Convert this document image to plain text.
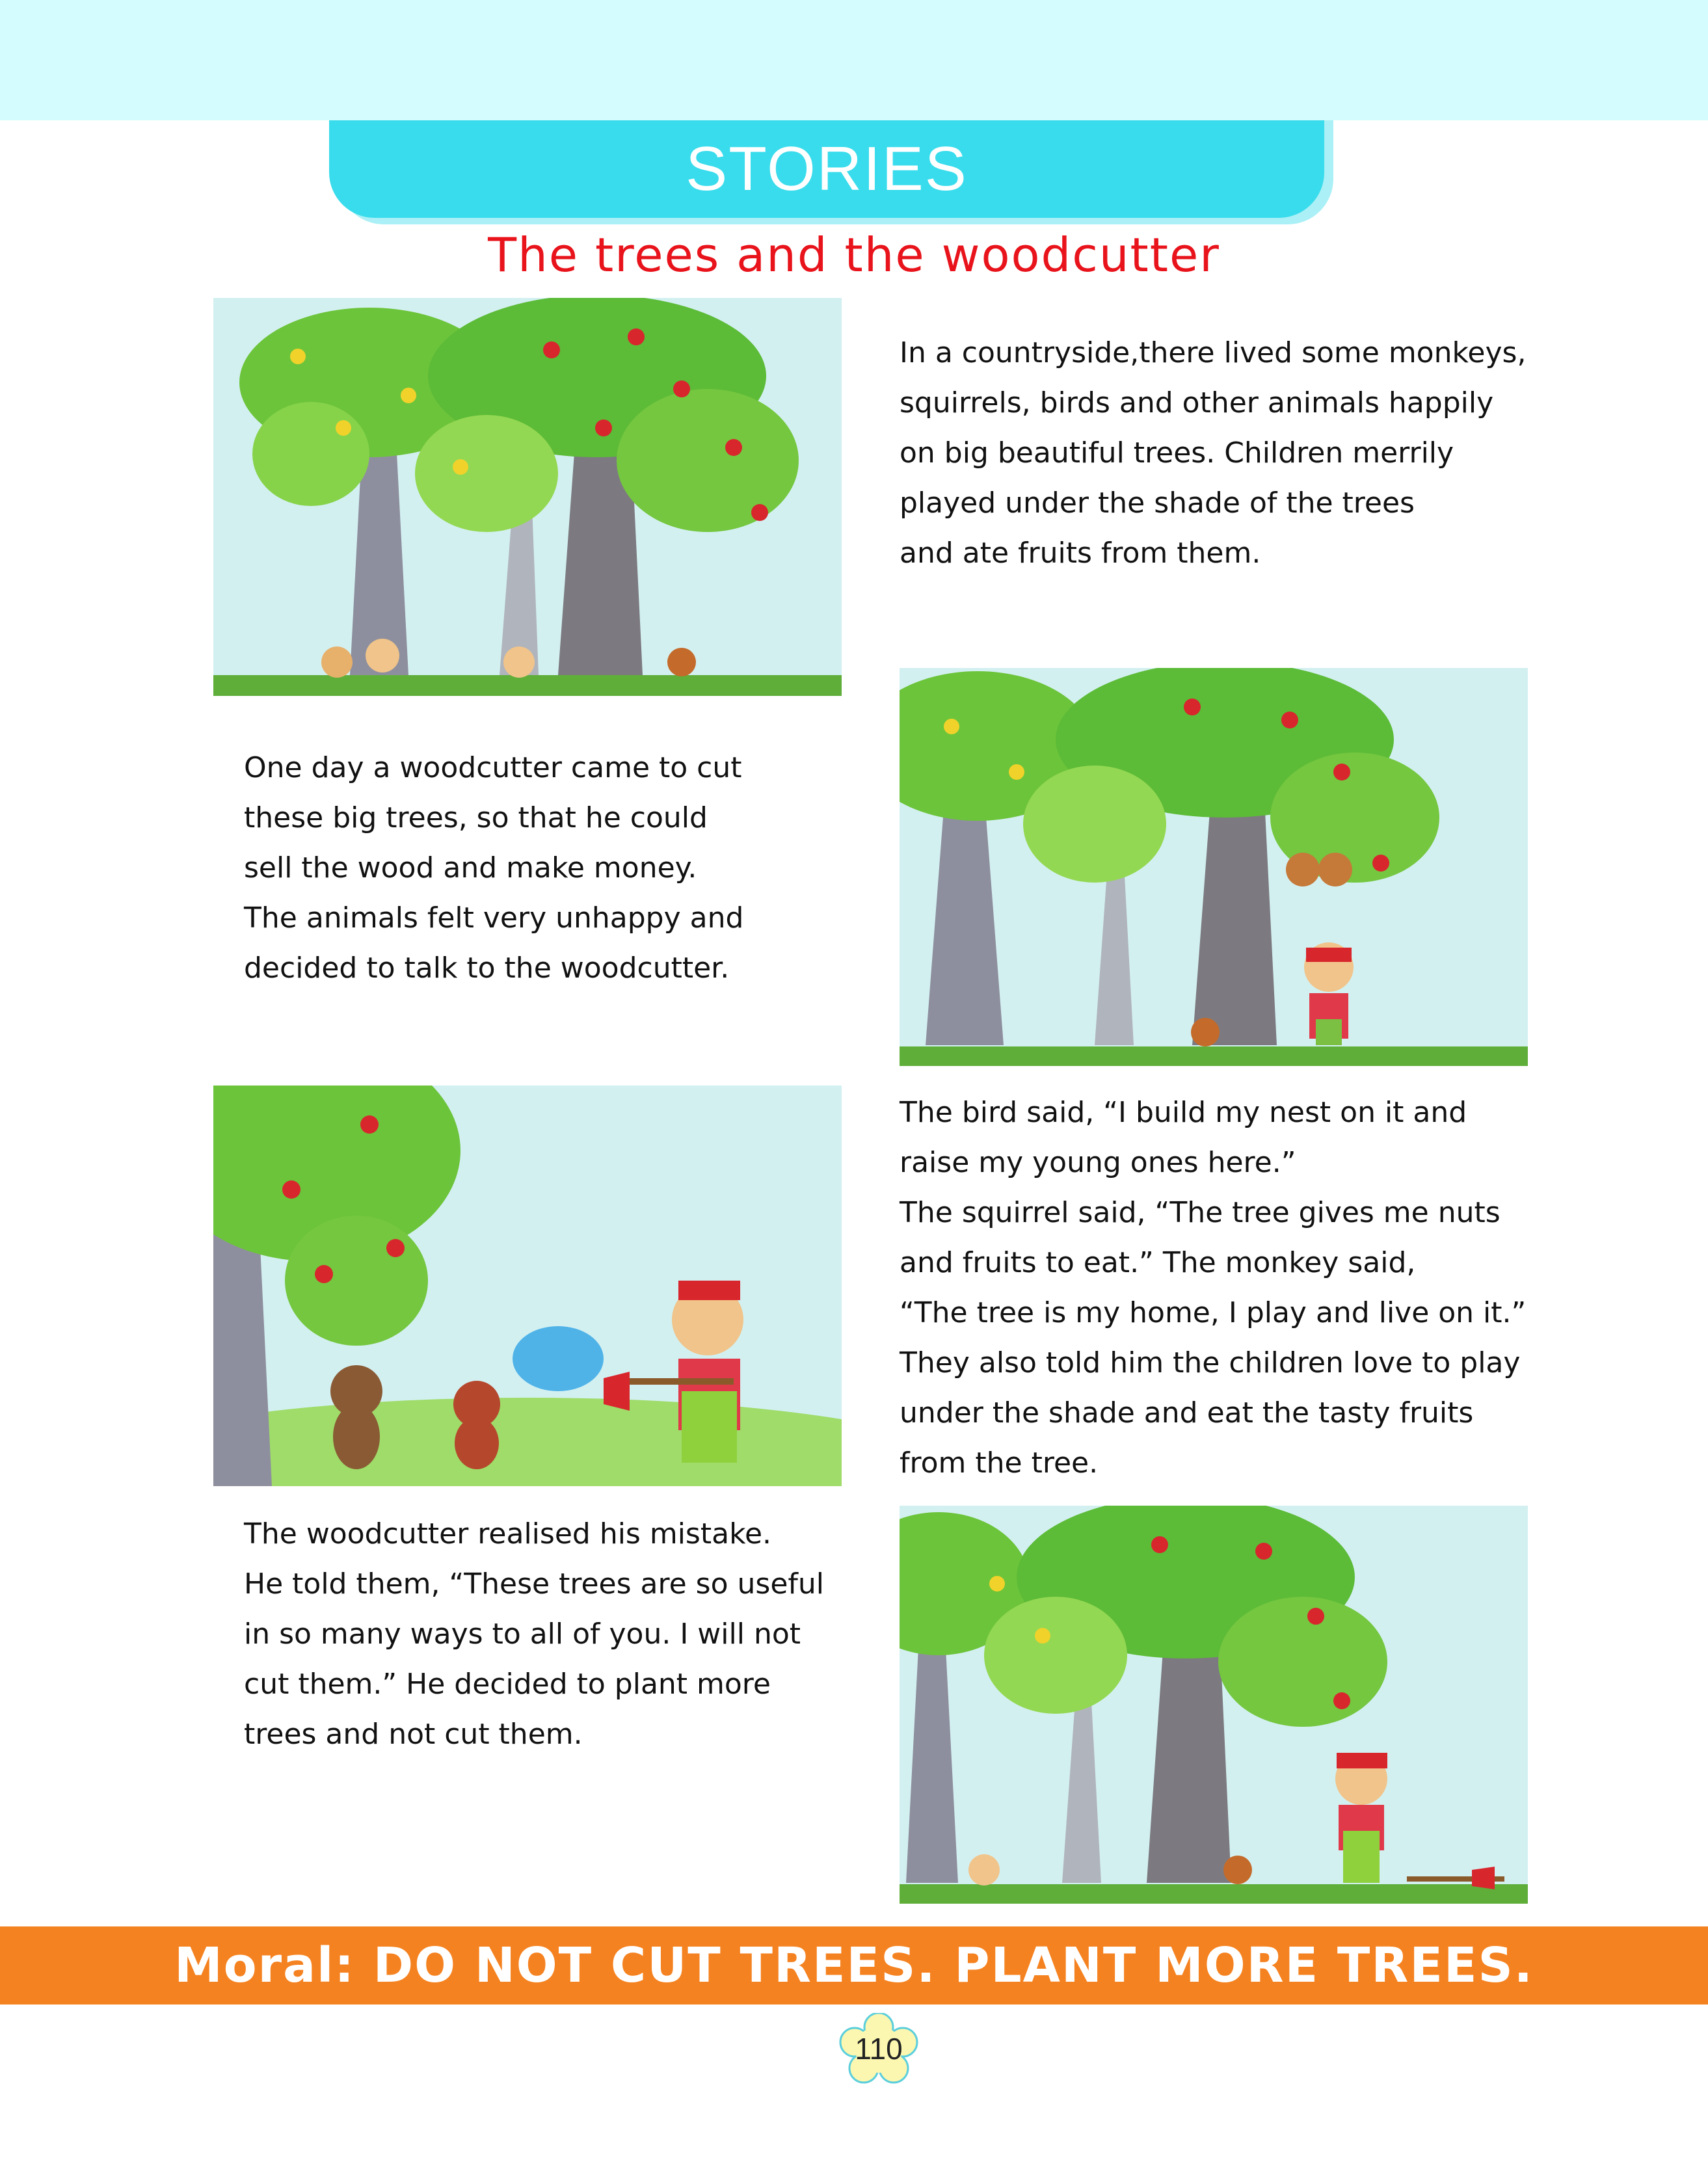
STORIES
The trees and the woodcutter
In a countryside,there lived some monkeys,
squirrels, birds and other animals happily
on big beautiful trees. Children merrily
played under the shade of the trees
and ate fruits from them.
One day a woodcutter came to cut
these big trees, so that he could
sell the wood and make money.
The animals felt very unhappy and
decided to talk to the woodcutter.
The bird said, “I build my nest on it and
raise my young ones here.”
The squirrel said, “The tree gives me nuts
and fruits to eat.” The monkey said,
“The tree is my home, I play and live on it.”
They also told him the children love to play
under the shade and eat the tasty fruits
from the tree.
The woodcutter realised his mistake.
He told them, “These trees are so useful
in so many ways to all of you. I will not
cut them.” He decided to plant more
trees and not cut them.
Moral: DO NOT CUT TREES. PLANT MORE TREES.
110
